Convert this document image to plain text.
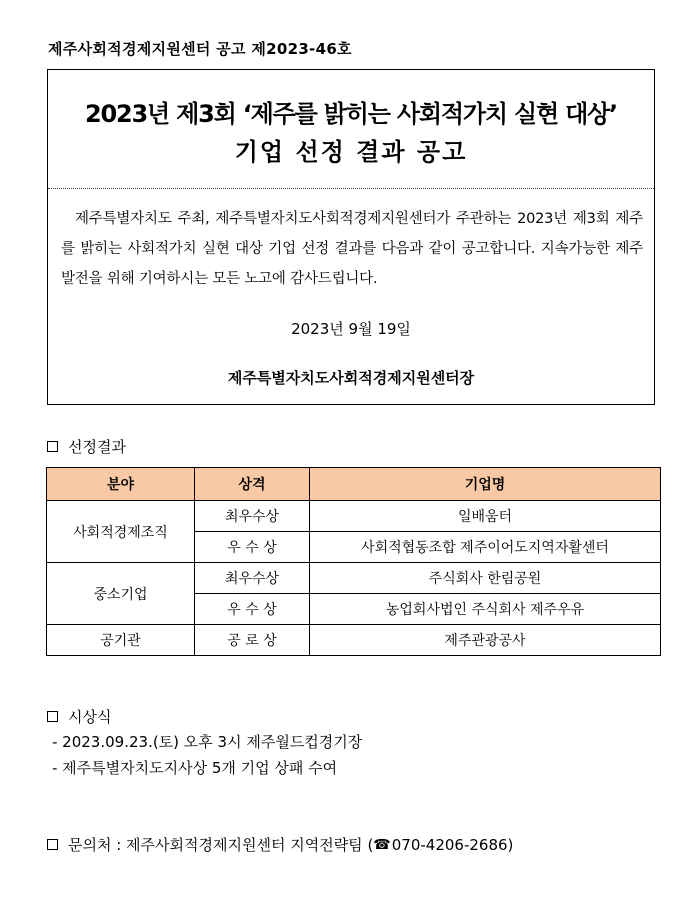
제주사회적경제지원센터 공고 제2023-46호
2023년 제3회 ‘제주를 밝히는 사회적가치 실현 대상’
기업 선정 결과 공고
제주특별자치도 주최, 제주특별자치도사회적경제지원센터가 주관하는 2023년 제3회 제주를 밝히는 사회적가치 실현 대상 기업 선정 결과를 다음과 같이 공고합니다. 지속가능한 제주 발전을 위해 기여하시는 모든 노고에 감사드립니다.
2023년 9월 19일
제주특별자치도사회적경제지원센터장
선정결과
분야	상격	기업명
사회적경제조직	최우수상	일배움터
	우 수 상	사회적협동조합 제주이어도지역자활센터
중소기업	최우수상	주식회사 한림공원
	우 수 상	농업회사법인 주식회사 제주우유
공기관	공 로 상	제주관광공사
시상식
- 2023.09.23.(토) 오후 3시 제주월드컵경기장
- 제주특별자치도지사상 5개 기업 상패 수여
문의처 : 제주사회적경제지원센터 지역전략팀 ( ☎ 070-4206-2686)
